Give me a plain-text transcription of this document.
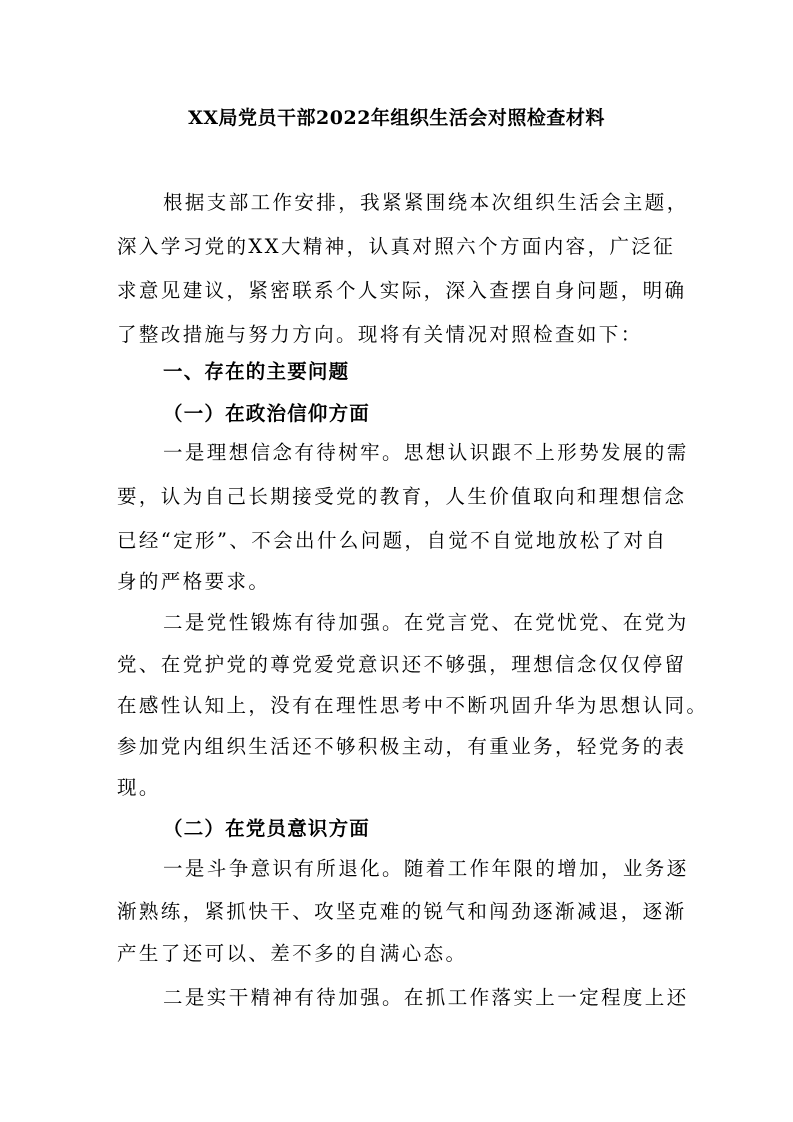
XX局党员干部2022年组织生活会对照检查材料
根据支部工作安排，我紧紧围绕本次组织生活会主题，
深入学习党的XX大精神，认真对照六个方面内容，广泛征
求意见建议，紧密联系个人实际，深入查摆自身问题，明确
了整改措施与努力方向。现将有关情况对照检查如下：
一、存在的主要问题
（一）在政治信仰方面
一是理想信念有待树牢。思想认识跟不上形势发展的需
要，认为自己长期接受党的教育，人生价值取向和理想信念
已经“定形”、不会出什么问题，自觉不自觉地放松了对自
身的严格要求。
二是党性锻炼有待加强。在党言党、在党忧党、在党为
党、在党护党的尊党爱党意识还不够强，理想信念仅仅停留
在感性认知上，没有在理性思考中不断巩固升华为思想认同。
参加党内组织生活还不够积极主动，有重业务，轻党务的表
现。
（二）在党员意识方面
一是斗争意识有所退化。随着工作年限的增加，业务逐
渐熟练，紧抓快干、攻坚克难的锐气和闯劲逐渐减退，逐渐
产生了还可以、差不多的自满心态。
二是实干精神有待加强。在抓工作落实上一定程度上还
